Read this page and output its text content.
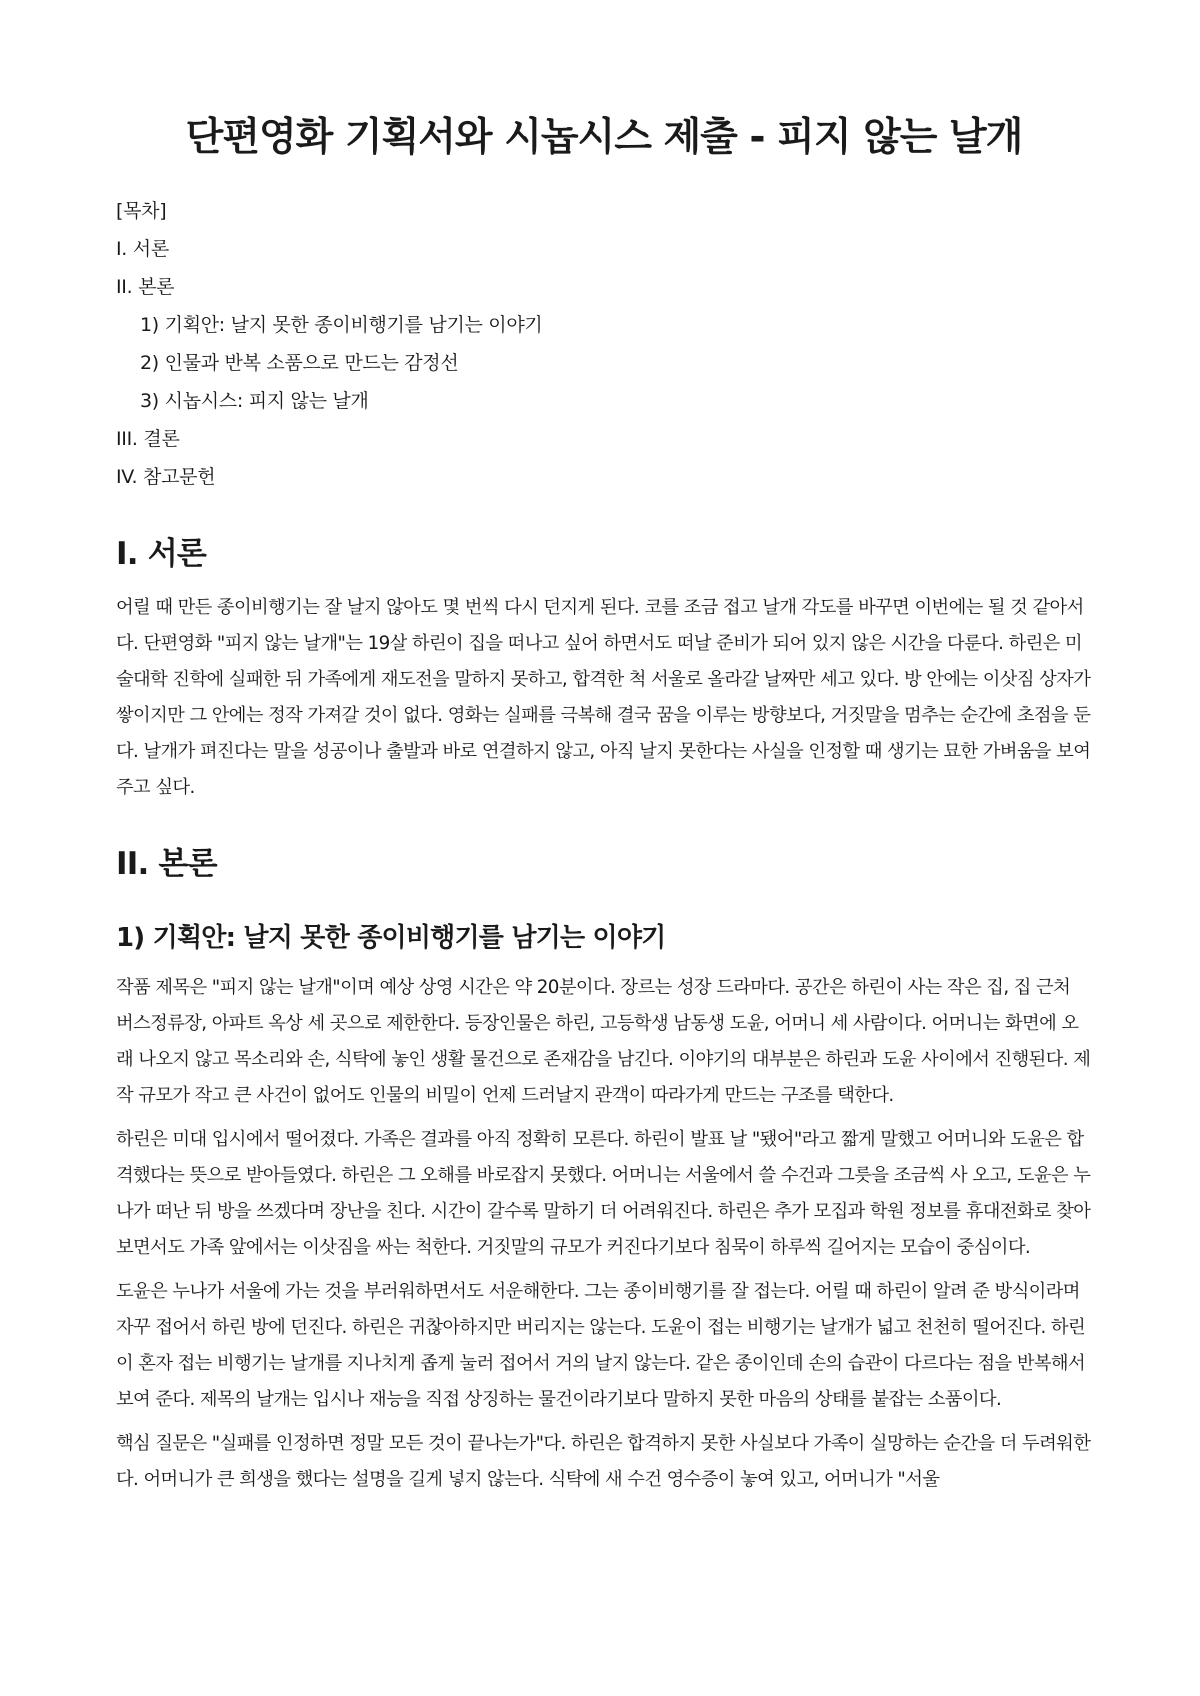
단편영화 기획서와 시놉시스 제출 - 피지 않는 날개

[목차]

I. 서론

II. 본론

1) 기획안: 날지 못한 종이비행기를 남기는 이야기

2) 인물과 반복 소품으로 만드는 감정선

3) 시놉시스: 피지 않는 날개

III. 결론

IV. 참고문헌

I. 서론

어릴 때 만든 종이비행기는 잘 날지 않아도 몇 번씩 다시 던지게 된다. 코를 조금 접고 날개 각도를 바꾸면 이번에는 될 것 같아서다. 단편영화 "피지 않는 날개"는 19살 하린이 집을 떠나고 싶어 하면서도 떠날 준비가 되어 있지 않은 시간을 다룬다. 하린은 미술대학 진학에 실패한 뒤 가족에게 재도전을 말하지 못하고, 합격한 척 서울로 올라갈 날짜만 세고 있다. 방 안에는 이삿짐 상자가 쌓이지만 그 안에는 정작 가져갈 것이 없다. 영화는 실패를 극복해 결국 꿈을 이루는 방향보다, 거짓말을 멈추는 순간에 초점을 둔다. 날개가 펴진다는 말을 성공이나 출발과 바로 연결하지 않고, 아직 날지 못한다는 사실을 인정할 때 생기는 묘한 가벼움을 보여 주고 싶다.

II. 본론
1) 기획안: 날지 못한 종이비행기를 남기는 이야기

작품 제목은 "피지 않는 날개"이며 예상 상영 시간은 약 20분이다. 장르는 성장 드라마다. 공간은 하린이 사는 작은 집, 집 근처 버스정류장, 아파트 옥상 세 곳으로 제한한다. 등장인물은 하린, 고등학생 남동생 도윤, 어머니 세 사람이다. 어머니는 화면에 오래 나오지 않고 목소리와 손, 식탁에 놓인 생활 물건으로 존재감을 남긴다. 이야기의 대부분은 하린과 도윤 사이에서 진행된다. 제작 규모가 작고 큰 사건이 없어도 인물의 비밀이 언제 드러날지 관객이 따라가게 만드는 구조를 택한다.

하린은 미대 입시에서 떨어졌다. 가족은 결과를 아직 정확히 모른다. 하린이 발표 날 "됐어"라고 짧게 말했고 어머니와 도윤은 합격했다는 뜻으로 받아들였다. 하린은 그 오해를 바로잡지 못했다. 어머니는 서울에서 쓸 수건과 그릇을 조금씩 사 오고, 도윤은 누나가 떠난 뒤 방을 쓰겠다며 장난을 친다. 시간이 갈수록 말하기 더 어려워진다. 하린은 추가 모집과 학원 정보를 휴대전화로 찾아보면서도 가족 앞에서는 이삿짐을 싸는 척한다. 거짓말의 규모가 커진다기보다 침묵이 하루씩 길어지는 모습이 중심이다.

도윤은 누나가 서울에 가는 것을 부러워하면서도 서운해한다. 그는 종이비행기를 잘 접는다. 어릴 때 하린이 알려 준 방식이라며 자꾸 접어서 하린 방에 던진다. 하린은 귀찮아하지만 버리지는 않는다. 도윤이 접는 비행기는 날개가 넓고 천천히 떨어진다. 하린이 혼자 접는 비행기는 날개를 지나치게 좁게 눌러 접어서 거의 날지 않는다. 같은 종이인데 손의 습관이 다르다는 점을 반복해서 보여 준다. 제목의 날개는 입시나 재능을 직접 상징하는 물건이라기보다 말하지 못한 마음의 상태를 붙잡는 소품이다.

핵심 질문은 "실패를 인정하면 정말 모든 것이 끝나는가"다. 하린은 합격하지 못한 사실보다 가족이 실망하는 순간을 더 두려워한다. 어머니가 큰 희생을 했다는 설명을 길게 넣지 않는다. 식탁에 새 수건 영수증이 놓여 있고, 어머니가 "서울
